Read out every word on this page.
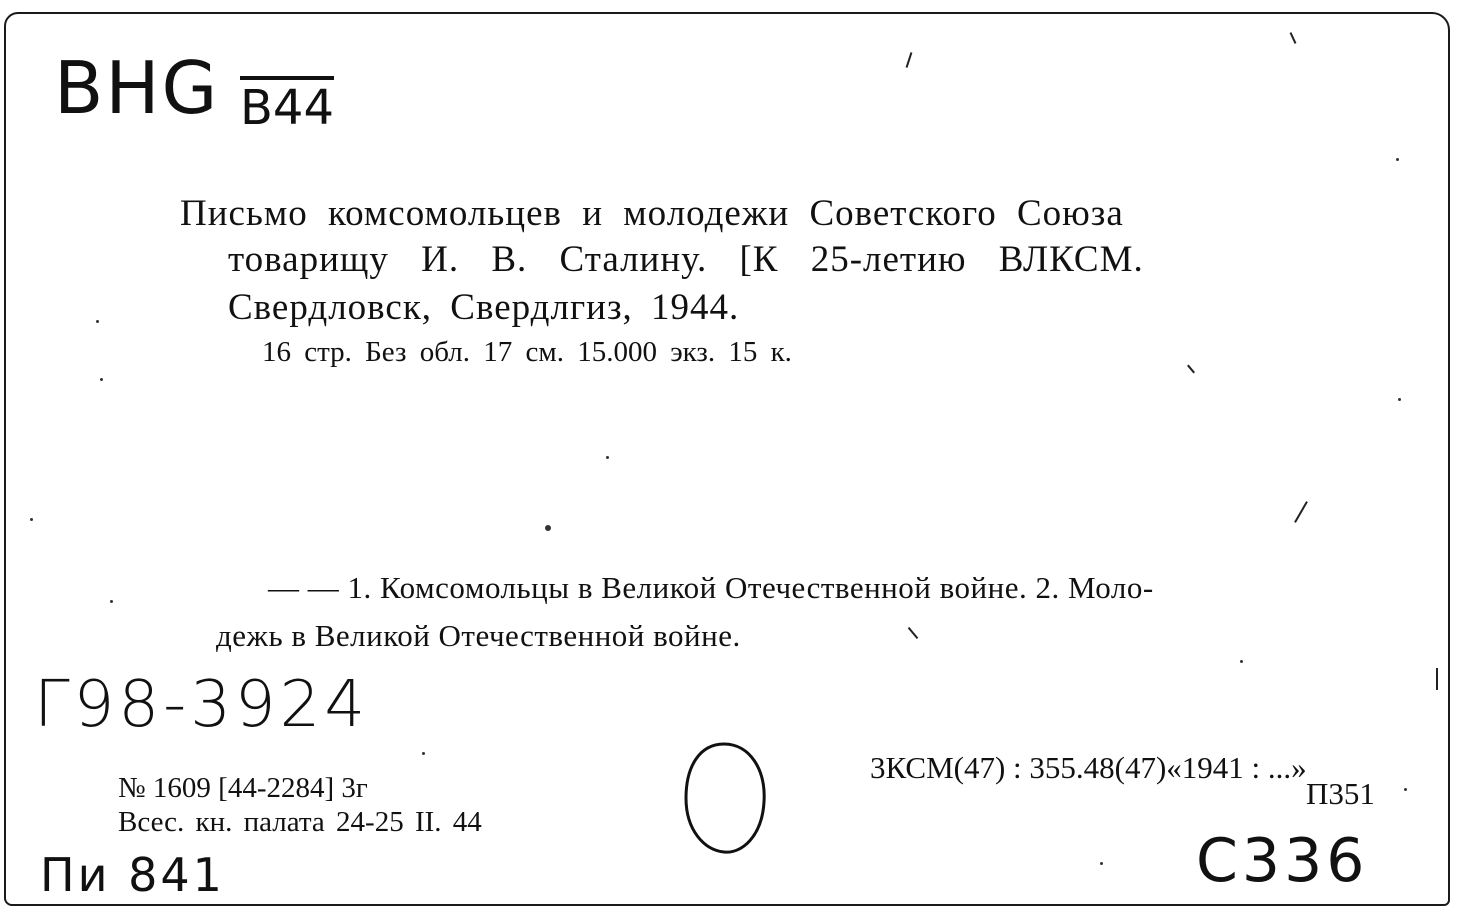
BHG B44
Письмо комсомольцев и молодежи Советского Союза
товарищу И. В. Сталину. [К 25-летию ВЛКСМ.
Свердловск, Свердлгиз, 1944.
16 стр. Без обл. 17 см. 15.000 экз. 15 к.
— — 1. Комсомольцы в Великой Отечественной войне. 2. Моло-
дежь в Великой Отечественной войне.
Г98-3924
№ 1609 [44-2284] 3г
Всес. кн. палата 24-25 II. 44
3КСМ(47) : 355.48(47)«1941 : ...»
П351
Пи 841	С336
